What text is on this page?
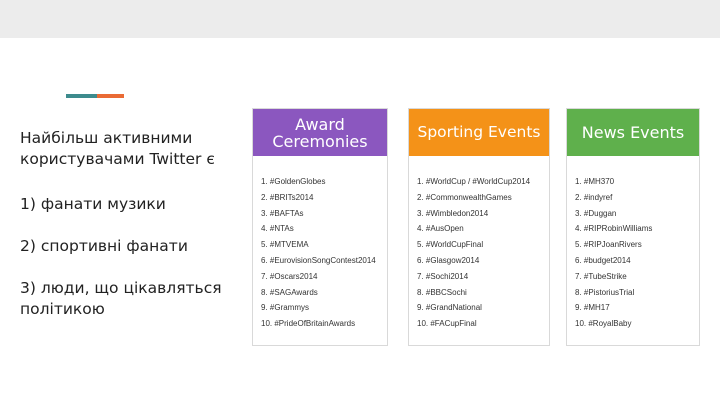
Найбільш активними користувачами Twitter є

1) фанати музики

2) спортивні фанати

3) люди, що цікавляться політикою

Award Ceremonies
1. #GoldenGlobes
2. #BRITs2014
3. #BAFTAs
4. #NTAs
5. #MTVEMA
6. #EurovisionSongContest2014
7. #Oscars2014
8. #SAGAwards
9. #Grammys
10. #PrideOfBritainAwards
Sporting Events
1. #WorldCup / #WorldCup2014
2. #CommonwealthGames
3. #Wimbledon2014
4. #AusOpen
5. #WorldCupFinal
6. #Glasgow2014
7. #Sochi2014
8. #BBCSochi
9. #GrandNational
10. #FACupFinal
News Events
1. #MH370
2. #indyref
3. #Duggan
4. #RIPRobinWilliams
5. #RIPJoanRivers
6. #budget2014
7. #TubeStrike
8. #PistoriusTrial
9. #MH17
10. #RoyalBaby
